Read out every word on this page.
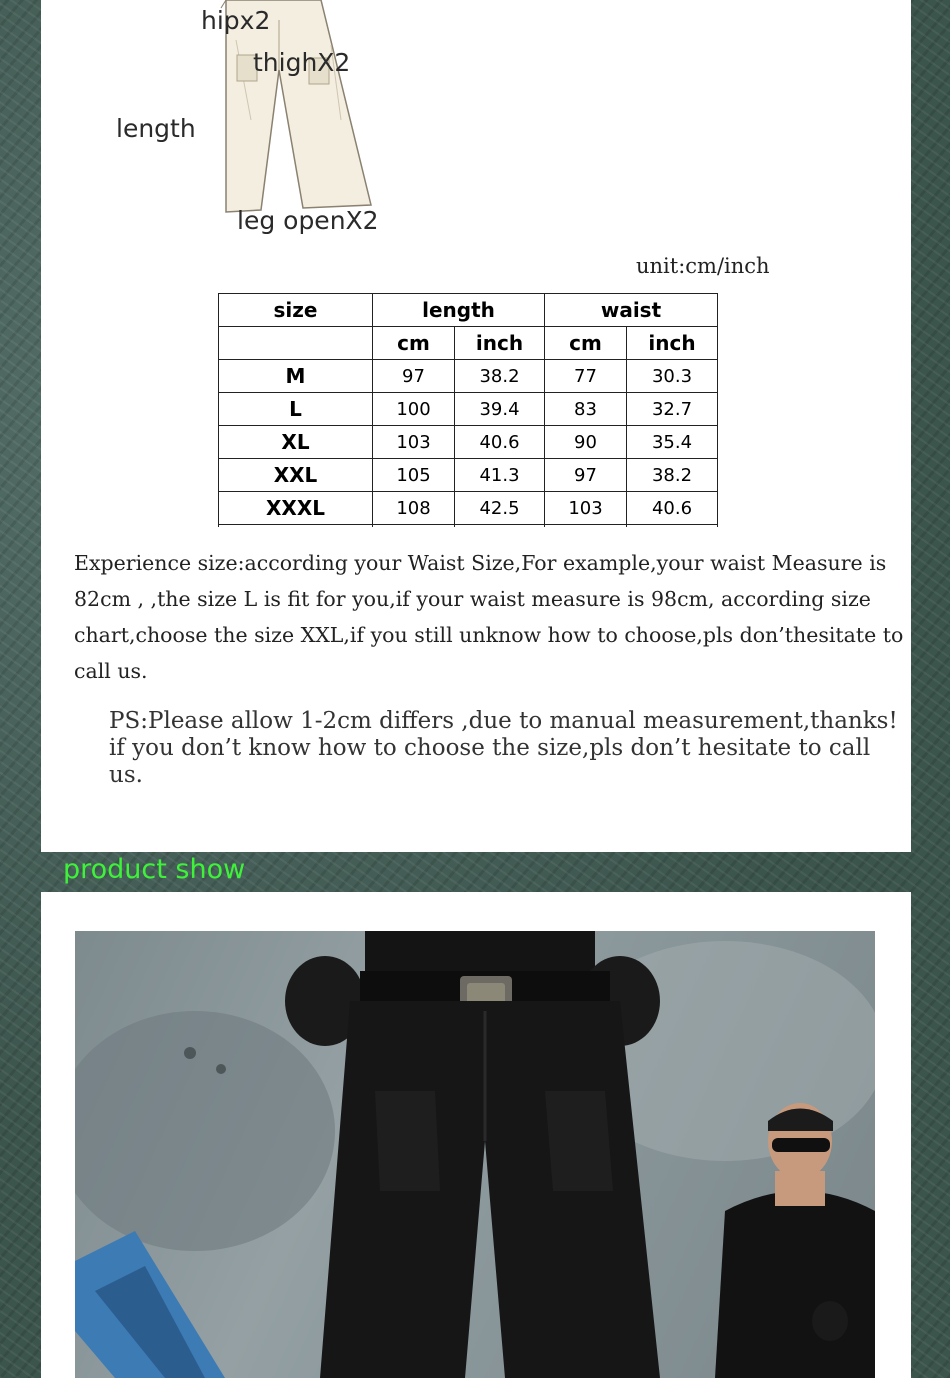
hipx2
thighX2
length
leg openX2
unit:cm/inch
size	length		waist	
	cm	inch	cm	inch
M	97	38.2	77	30.3
L	100	39.4	83	32.7
XL	103	40.6	90	35.4
XXL	105	41.3	97	38.2
XXXL	108	42.5	103	40.6

Experience size:according your Waist Size,For example,your waist Measure is 82cm , ,the size L is fit for you,if your waist measure is 98cm, according size chart,choose the size XXL,if you still unknow how to choose,pls don’thesitate to call us.
PS:Please allow 1-2cm differs ,due to manual measurement,thanks!
if you don’t know how to choose the size,pls don’t hesitate to call us.
product show
